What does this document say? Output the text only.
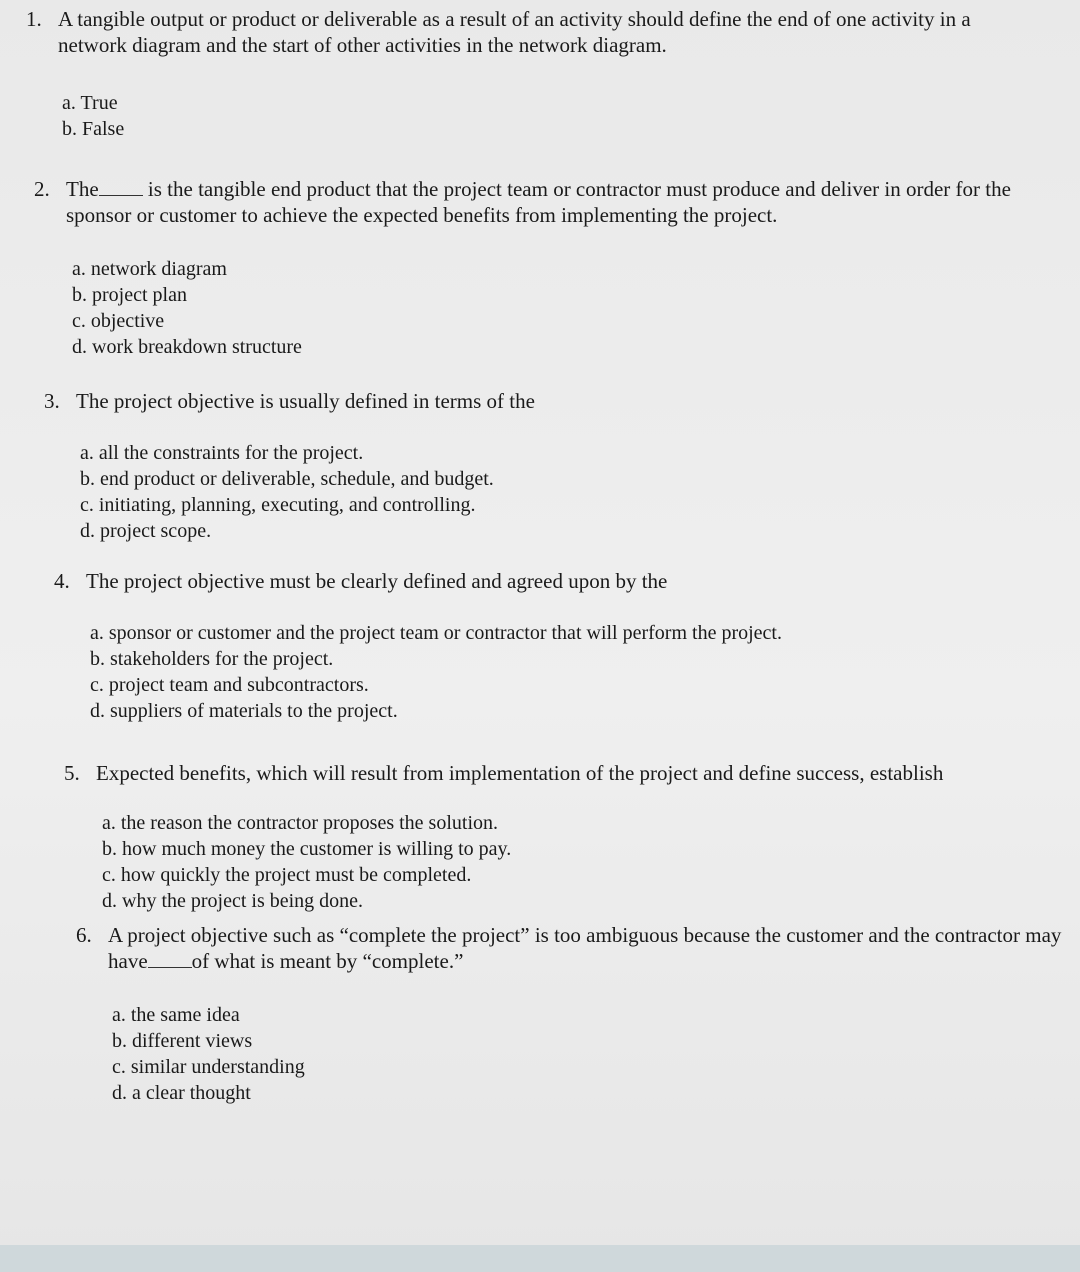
1. A tangible output or product or deliverable as a result of an activity should define the end of one activity in a
network diagram and the start of other activities in the network diagram.
a. True
b. False
2. The is the tangible end product that the project team or contractor must produce and deliver in order for the
sponsor or customer to achieve the expected benefits from implementing the project.
a. network diagram
b. project plan
c. objective
d. work breakdown structure
3. The project objective is usually defined in terms of the
a. all the constraints for the project.
b. end product or deliverable, schedule, and budget.
c. initiating, planning, executing, and controlling.
d. project scope.
4. The project objective must be clearly defined and agreed upon by the
a. sponsor or customer and the project team or contractor that will perform the project.
b. stakeholders for the project.
c. project team and subcontractors.
d. suppliers of materials to the project.
5. Expected benefits, which will result from implementation of the project and define success, establish
a. the reason the contractor proposes the solution.
b. how much money the customer is willing to pay.
c. how quickly the project must be completed.
d. why the project is being done.
6. A project objective such as “complete the project” is too ambiguous because the customer and the contractor may
have of what is meant by “complete.”
a. the same idea
b. different views
c. similar understanding
d. a clear thought
